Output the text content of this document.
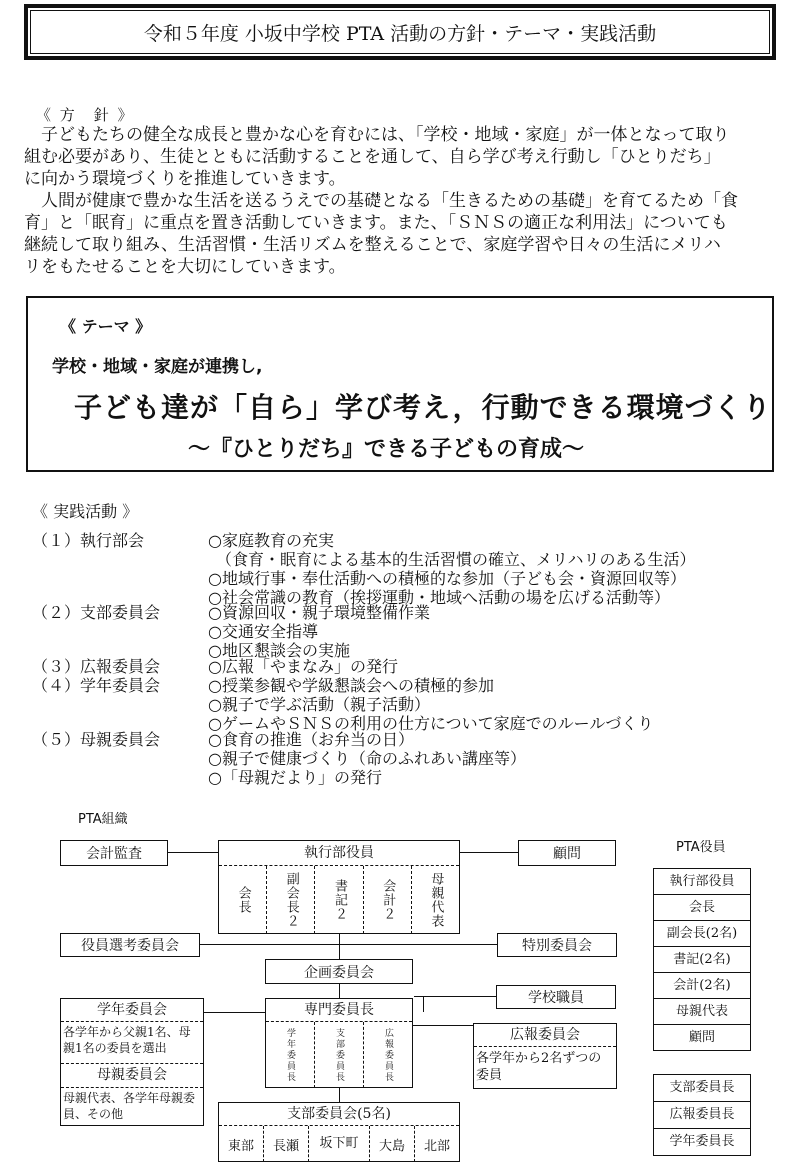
令和５年度 小坂中学校 PTA 活動の方針・テーマ・実践活動
《 方　針 》
　子どもたちの健全な成長と豊かな心を育むには、「学校・地域・家庭」が一体となって取り
組む必要があり、生徒とともに活動することを通して、自ら学び考え行動し「ひとりだち」
に向かう環境づくりを推進していきます。
　人間が健康で豊かな生活を送るうえでの基礎となる「生きるための基礎」を育てるため「食
育」と「眠育」に重点を置き活動していきます。また、「ＳＮＳの適正な利用法」についても
継続して取り組み、生活習慣・生活リズムを整えることで、家庭学習や日々の生活にメリハ
リをもたせることを大切にしていきます。
《 テーマ 》
学校・地域・家庭が連携し,
子ども達が「自ら」学び考え，行動できる環境づくり
～『ひとりだち』できる子どもの育成～
《 実践活動 》
（１）執行部会	○家庭教育の充実
　（食育・眠育による基本的生活習慣の確立、メリハリのある生活）
○地域行事・奉仕活動への積極的な参加（子ども会・資源回収等）
○社会常識の教育（挨拶運動・地域へ活動の場を広げる活動等）
（２）支部委員会	○資源回収・親子環境整備作業
○交通安全指導
○地区懇談会の実施
（３）広報委員会	○広報「やまなみ」の発行
（４）学年委員会	○授業参観や学級懇談会への積極的参加
○親子で学ぶ活動（親子活動）
○ゲームやＳＮＳの利用の仕方について家庭でのルールづくり
（５）母親委員会	○食育の推進（お弁当の日）
○親子で健康づくり（命のふれあい講座等）
○「母親だより」の発行
PTA組織
会計監査	顧問
執行部役員
会長	副会長２	書記２	会計２	母親代表
役員選考委員会	特別委員会
企画委員会
専門委員長
学年委員長	支部委員長	広報委員長
学校職員
学年委員会
各学年から父親1名、母親1名の委員を選出
母親委員会
母親代表、各学年母親委員、その他
広報委員会
各学年から2名ずつの委員
支部委員会(5名)
東部	長瀬	坂下町	大島	北部
PTA役員
執行部役員
会長
副会長(2名)
書記(2名)
会計(2名)
母親代表
顧問
支部委員長
広報委員長
学年委員長
